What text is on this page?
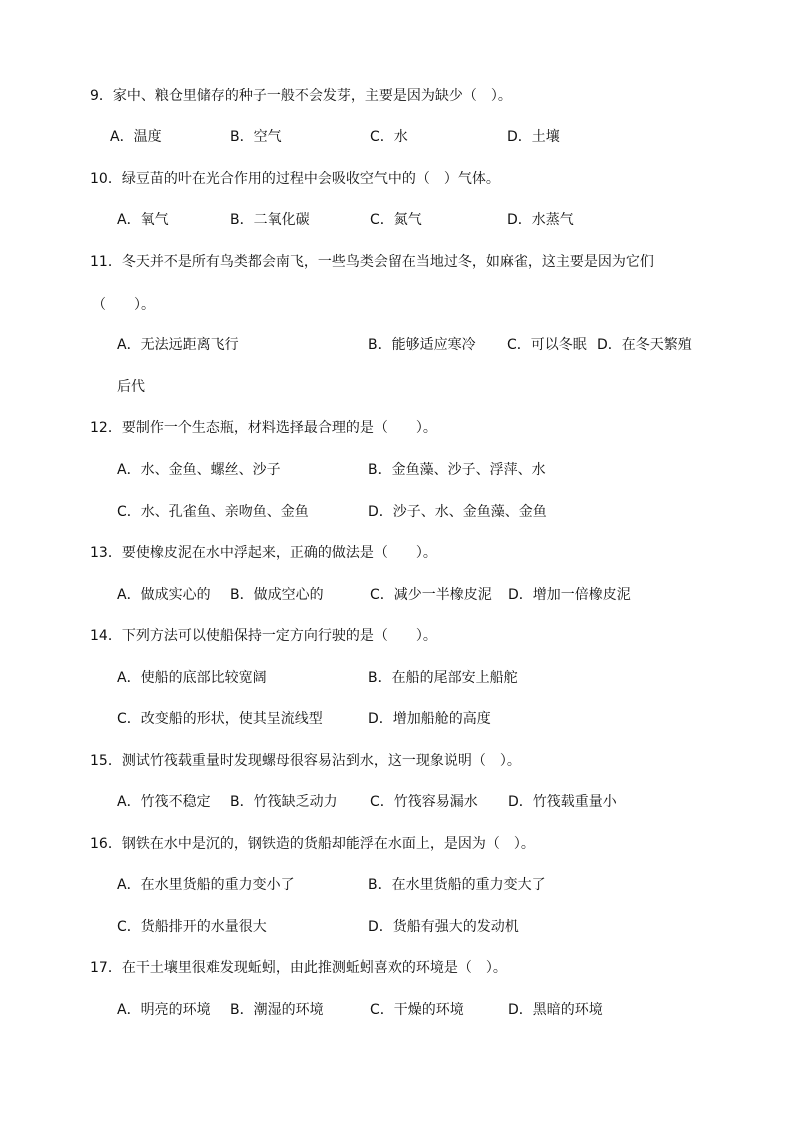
9．家中、粮仓里储存的种子一般不会发芽，主要是因为缺少（　）。
A．温度	B．空气	C．水	D．土壤
10．绿豆苗的叶在光合作用的过程中会吸收空气中的（　）气体。
A．氧气	B．二氧化碳	C．氮气	D．水蒸气
11．冬天并不是所有鸟类都会南飞，一些鸟类会留在当地过冬，如麻雀，这主要是因为它们
（　　）。
A．无法远距离飞行	B．能够适应寒冷 C．可以冬眠 D．在冬天繁殖
后代
12．要制作一个生态瓶，材料选择最合理的是（　　）。
A．水、金鱼、螺丝、沙子	B．金鱼藻、沙子、浮萍、水
C．水、孔雀鱼、亲吻鱼、金鱼	D．沙子、水、金鱼藻、金鱼
13．要使橡皮泥在水中浮起来，正确的做法是（　　）。
A．做成实心的 B．做成空心的	C．减少一半橡皮泥 D．增加一倍橡皮泥
14．下列方法可以使船保持一定方向行驶的是（　　）。
A．使船的底部比较宽阔	B．在船的尾部安上船舵
C．改变船的形状，使其呈流线型	D．增加船舱的高度
15．测试竹筏载重量时发现螺母很容易沾到水，这一现象说明（　）。
A．竹筏不稳定 B．竹筏缺乏动力 C．竹筏容易漏水 D．竹筏载重量小
16．钢铁在水中是沉的，钢铁造的货船却能浮在水面上，是因为（　）。
A．在水里货船的重力变小了	B．在水里货船的重力变大了
C．货船排开的水量很大	D．货船有强大的发动机
17．在干土壤里很难发现蚯蚓，由此推测蚯蚓喜欢的环境是（　）。
A．明亮的环境 B．潮湿的环境	C．干燥的环境	D．黑暗的环境
